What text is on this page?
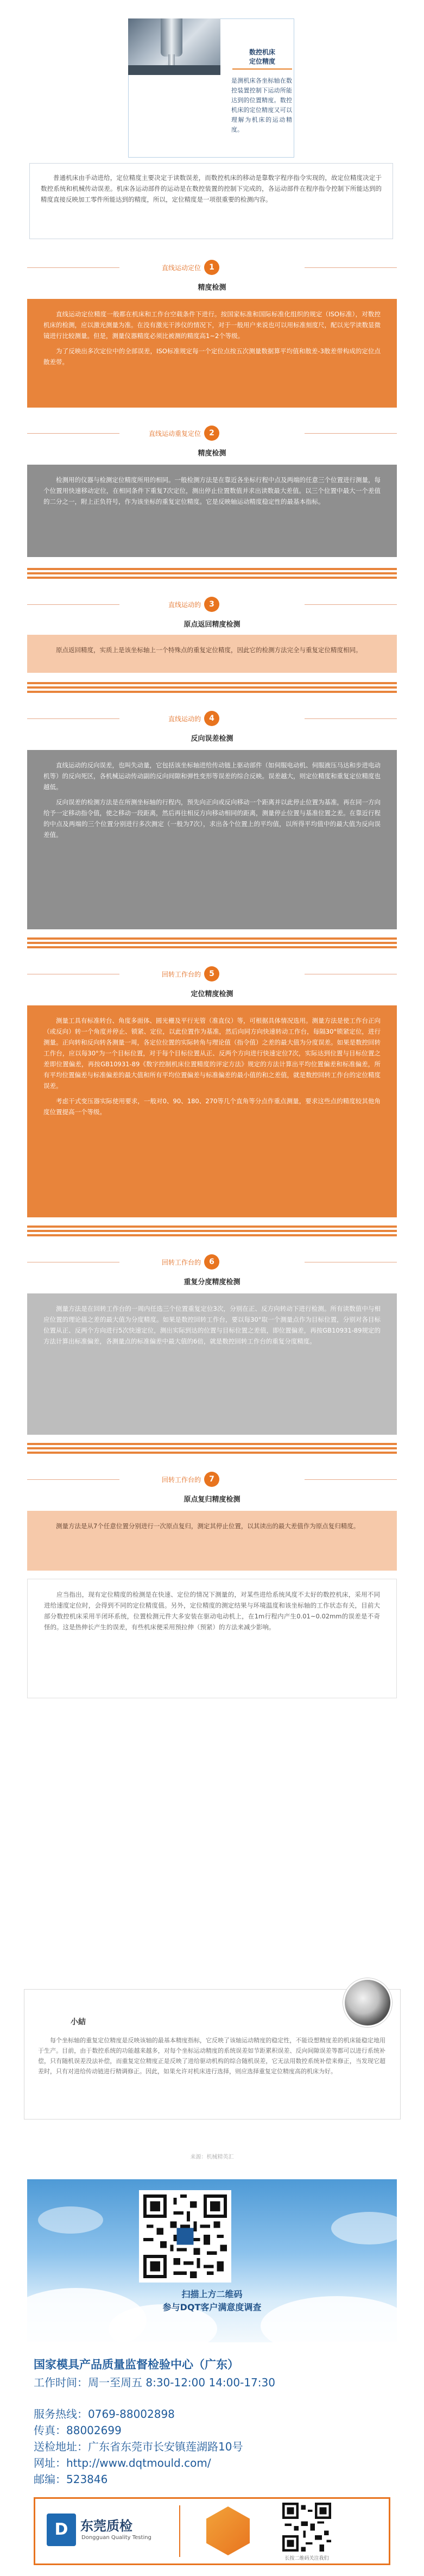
数控机床
定位精度
是测机床各坐标轴在数控装置控制下运动所能达到的位置精度。数控机床的定位精度又可以理解为机床的运动精度。

普通机床由手动进给，定位精度主要决定于读数误差，而数控机床的移动是靠数字程序指令实现的，故定位精度决定于数控系统和机械传动误差。机床各运动部件的运动是在数控装置的控制下完成的，各运动部件在程序指令控制下所能达到的精度直接反映加工零件所能达到的精度，所以，定位精度是一项很重要的检测内容。

直线运动定位	1
精度检测

直线运动定位精度一般都在机床和工作台空载条件下进行。按国家标准和国际标准化组织的规定（ISO标准），对数控机床的检测，应以激光测量为准。在没有激光干涉仪的情况下，对于一般用户来说也可以用标准刻度尺，配以光学读数显微镜进行比较测量。但是，测量仪器精度必须比被测的精度高1~2个等级。

为了反映出多次定位中的全部误差，ISO标准规定每一个定位点按五次测量数据算平均值和散差-3散差带构成的定位点散差带。

直线运动重复定位	2
精度检测

检测用的仪器与检测定位精度所用的相同。一般检测方法是在靠近各坐标行程中点及两端的任意三个位置进行测量，每个位置用快速移动定位，在相同条件下重复7次定位，测出停止位置数值并求出读数最大差值。以三个位置中最大一个差值的二分之一，附上正负符号，作为该坐标的重复定位精度。它是反映轴运动精度稳定性的最基本指标。

直线运动的	3
原点返回精度检测

原点返回精度，实质上是该坐标轴上一个特殊点的重复定位精度，因此它的检测方法完全与重复定位精度相同。

直线运动的	4
反向误差检测

直线运动的反向误差，也叫失动量，它包括该坐标轴进给传动链上驱动部件（如伺服电动机、伺服液压马达和步进电动机等）的反向死区，各机械运动传动副的反向间隙和弹性变形等误差的综合反映。误差越大，则定位精度和重复定位精度也越低。

反向误差的检测方法是在所测坐标轴的行程内，预先向正向或反向移动一个距离并以此停止位置为基准，再在同一方向给予一定移动指令值，使之移动一段距离，然后再往相反方向移动相同的距离，测量停止位置与基准位置之差。在靠近行程的中点及两端的三个位置分别进行多次测定（一般为7次），求出各个位置上的平均值，以所得平均值中的最大值为反向误差值。

回转工作台的	5
定位精度检测

测量工具有标准转台、角度多面体、圆光栅及平行光管（准直仪）等，可根据具体情况选用。测量方法是使工作台正向（或反向）转一个角度并停止、锁紧、定位，以此位置作为基准，然后向同方向快速转动工作台，每隔30°锁紧定位，进行测量。正向转和反向转各测量一周，各定位位置的实际转角与理论值（指令值）之差的最大值为分度误差。如果是数控回转工作台，应以每30°为一个目标位置，对于每个目标位置从正、反两个方向进行快速定位7次，实际达到位置与目标位置之差即位置偏差，再按GB10931-89《数字控制机床位置精度的评定方法》规定的方法计算出平均位置偏差和标准偏差，所有平均位置偏差与标准偏差的最大值和所有平均位置偏差与标准偏差的最小值的和之差值，就是数控回转工作台的定位精度误差。

考虑干式变压器实际使用要求，一般对0、90、180、270等几个直角等分点作重点测量，要求这些点的精度较其他角度位置提高一个等级。

回转工作台的	6
重复分度精度检测

测量方法是在回转工作台的一周内任选三个位置重复定位3次，分别在正、反方向转动下进行检测。所有读数值中与相应位置的理论值之差的最大值为分度精度。如果是数控回转工作台，要以每30°取一个测量点作为目标位置，分别对各目标位置从正、反两个方向进行5次快速定位，测出实际到达的位置与目标位置之差值，即位置偏差，再按GB10931-89规定的方法计算出标准偏差，各测量点的标准偏差中最大值的6倍，就是数控回转工作台的重复分度精度。

回转工作台的	7
原点复归精度检测

测量方法是从7个任意位置分别进行一次原点复归，测定其停止位置，以其读出的最大差值作为原点复归精度。

应当指出，现有定位精度的检测是在快速、定位的情况下测量的，对某些进给系统风度不太好的数控机床，采用不同进给速度定位时，会得到不同的定位精度值。另外，定位精度的测定结果与环境温度和该坐标轴的工作状态有关，目前大部分数控机床采用半闭环系统，位置检测元件大多安装在驱动电动机上，在1m行程内产生0.01~0.02mm的误差是不奇怪的。这是热伸长产生的误差，有些机床便采用预拉伸（预紧）的方法来减少影响。

小結
每个坐标轴的重复定位精度是反映该轴的最基本精度指标，它反映了该轴运动精度的稳定性，不能设想精度差的机床能稳定地用于生产。目前，由于数控系统的功能越来越多，对每个坐标运动精度的系统误差如节距累积误差、反向间隙误差等都可以进行系统补偿，只有随机误差没法补偿，而重复定位精度正是反映了进给驱动机构的综合随机误差，它无法用数控系统补偿来修正，当发现它超差时，只有对进给传动链进行精调修正。因此，如果允许对机床进行选择，则应选择重复定位精度高的机床为好。
来源：机械精英汇
扫描上方二维码
参与DQT客户满意度调查
国家模具产品质量监督检验中心（广东）
工作时间：周一至周五 8:30-12:00 14:00-17:30
服务热线：0769-88002898
传真：88002699
送检地址：广东省东莞市长安镇莲湖路10号
网址：http://www.dqtmould.com/
邮编：523846
D 东莞质检
Dongguan Quality Testing
长按二维码关注我们
